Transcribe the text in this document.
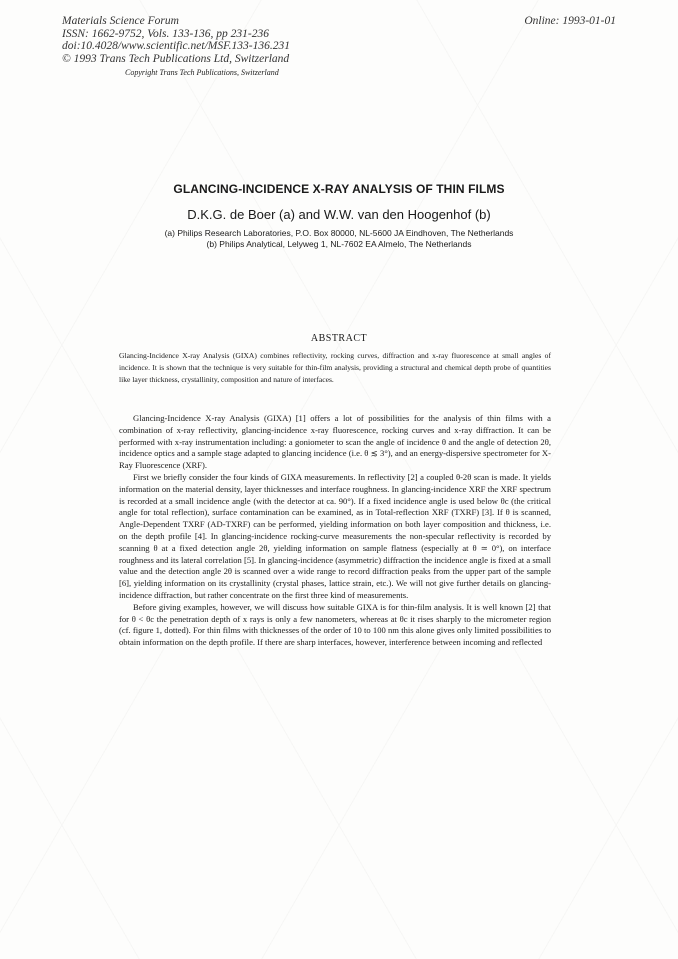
Materials Science Forum
ISSN: 1662-9752, Vols. 133-136, pp 231-236
doi:10.4028/www.scientific.net/MSF.133-136.231
© 1993 Trans Tech Publications Ltd, Switzerland
Online: 1993-01-01
Copyright Trans Tech Publications, Switzerland
GLANCING-INCIDENCE X-RAY ANALYSIS OF THIN FILMS
D.K.G. de Boer (a) and W.W. van den Hoogenhof (b)
(a) Philips Research Laboratories, P.O. Box 80000, NL-5600 JA Eindhoven, The Netherlands
(b) Philips Analytical, Lelyweg 1, NL-7602 EA Almelo, The Netherlands
ABSTRACT
Glancing-Incidence X-ray Analysis (GIXA) combines reflectivity, rocking curves, diffraction and x-ray fluorescence at small angles of incidence. It is shown that the technique is very suitable for thin-film analysis, providing a structural and chemical depth probe of quantities like layer thickness, crystallinity, composition and nature of interfaces.

Glancing-Incidence X-ray Analysis (GIXA) [1] offers a lot of possibilities for the analysis of thin films with a combination of x-ray reflectivity, glancing-incidence x-ray fluorescence, rocking curves and x-ray diffraction. It can be performed with x-ray instrumentation including: a goniometer to scan the angle of incidence θ and the angle of detection 2θ, incidence optics and a sample stage adapted to glancing incidence (i.e. θ ≲ 3°), and an energy-dispersive spectrometer for X-Ray Fluorescence (XRF).

First we briefly consider the four kinds of GIXA measurements. In reflectivity [2] a coupled θ-2θ scan is made. It yields information on the material density, layer thicknesses and interface roughness. In glancing-incidence XRF the XRF spectrum is recorded at a small incidence angle (with the detector at ca. 90°). If a fixed incidence angle is used below θc (the critical angle for total reflection), surface contamination can be examined, as in Total-reflection XRF (TXRF) [3]. If θ is scanned, Angle-Dependent TXRF (AD-TXRF) can be performed, yielding information on both layer composition and thickness, i.e. on the depth profile [4]. In glancing-incidence rocking-curve measurements the non-specular reflectivity is recorded by scanning θ at a fixed detection angle 2θ, yielding information on sample flatness (especially at θ ≃ 0°), on interface roughness and its lateral correlation [5]. In glancing-incidence (asymmetric) diffraction the incidence angle is fixed at a small value and the detection angle 2θ is scanned over a wide range to record diffraction peaks from the upper part of the sample [6], yielding information on its crystallinity (crystal phases, lattice strain, etc.). We will not give further details on glancing-incidence diffraction, but rather concentrate on the first three kind of measurements.

Before giving examples, however, we will discuss how suitable GIXA is for thin-film analysis. It is well known [2] that for θ < θc the penetration depth of x rays is only a few nanometers, whereas at θc it rises sharply to the micrometer region (cf. figure 1, dotted). For thin films with thicknesses of the order of 10 to 100 nm this alone gives only limited possibilities to obtain information on the depth profile. If there are sharp interfaces, however, interference between incoming and reflected
